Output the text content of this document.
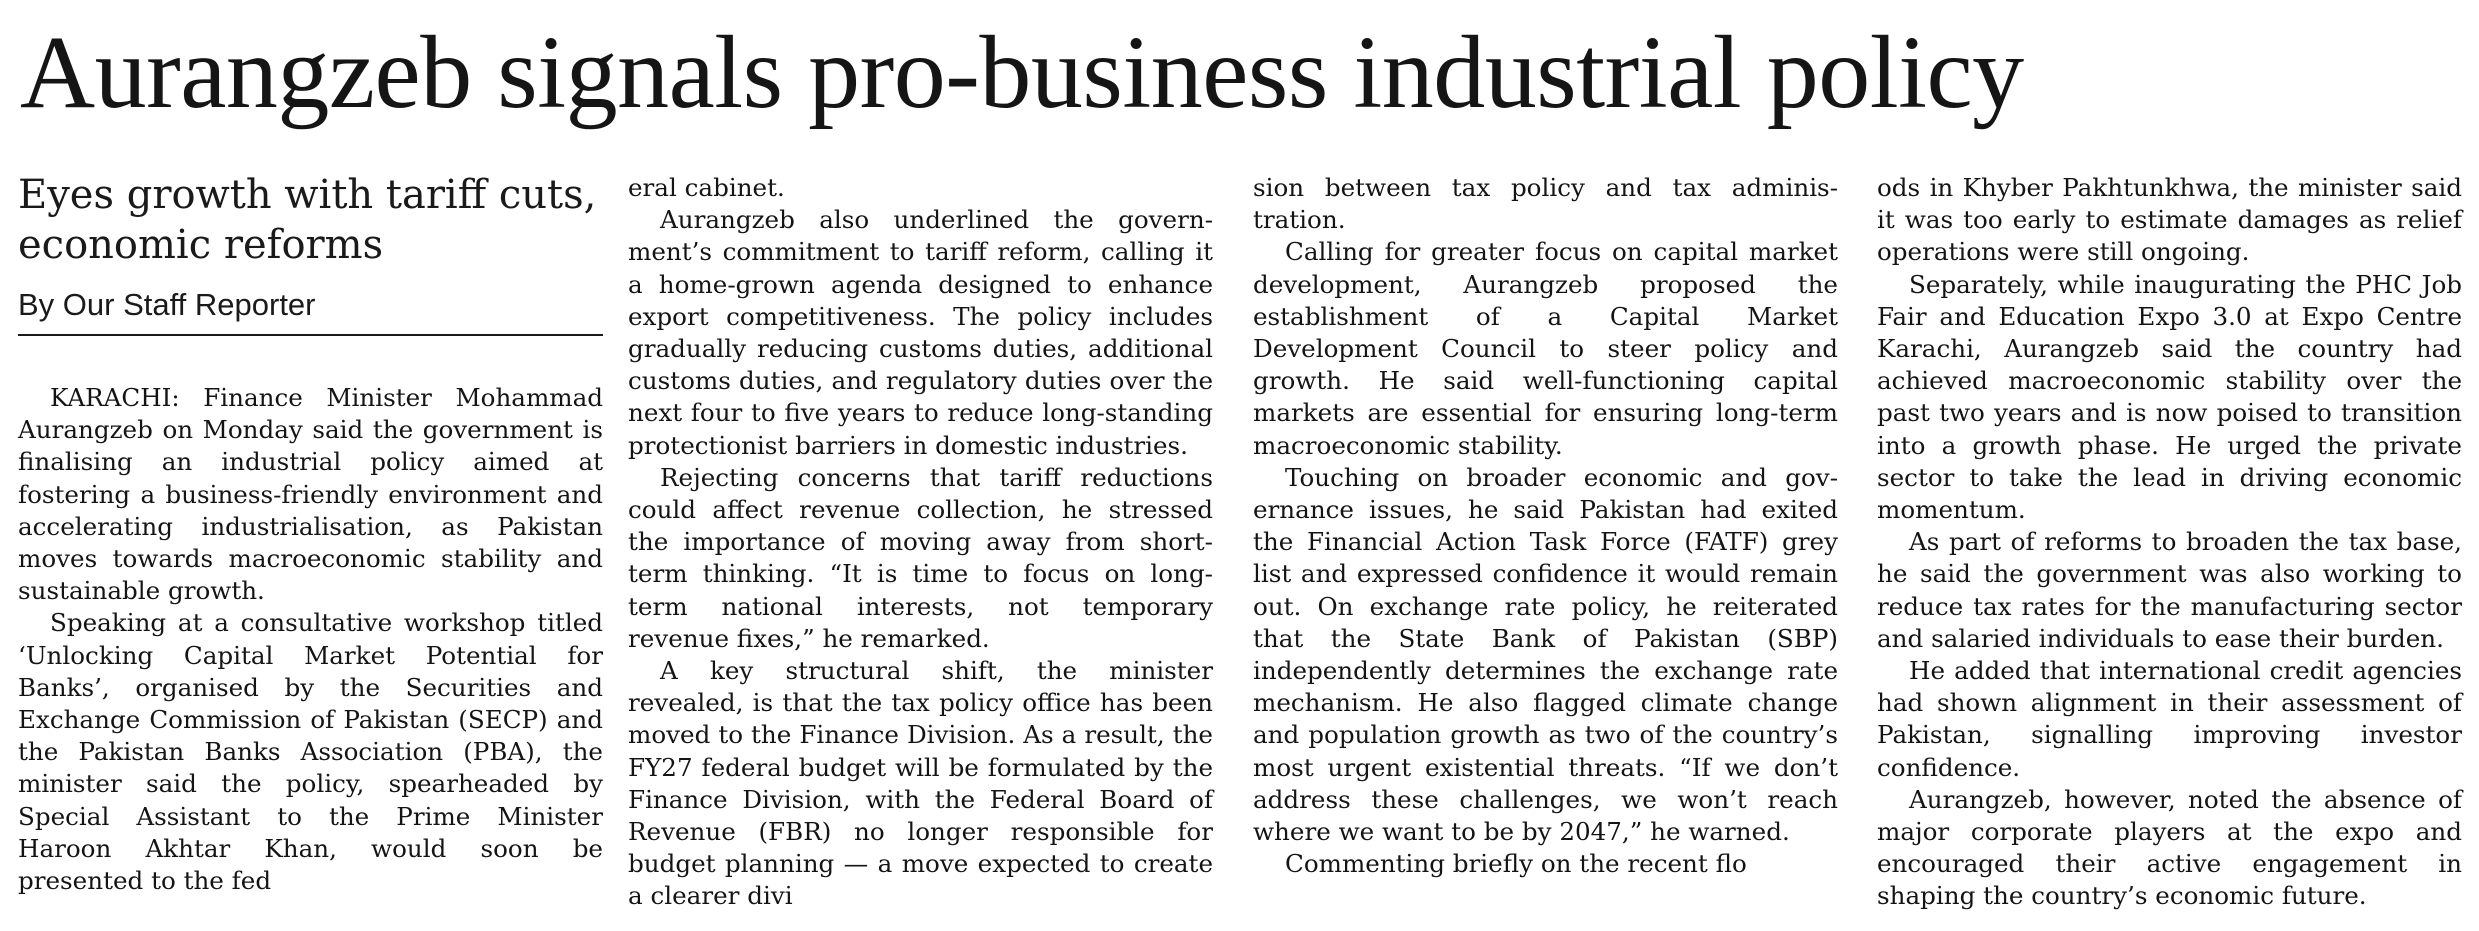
Aurangzeb signals pro-business industrial policy
Eyes growth with tariff cuts, economic reforms
By Our Staff Reporter

KARACHI: Finance Minister Mohammad Aurangzeb on Monday said the government is finalising an industrial policy aimed at fostering a business-friendly environment and accelerating industrialisation, as Pakistan moves towards macroeconomic stability and sustainable growth.

Speaking at a consultative workshop titled ‘Unlocking Capital Market Potential for Banks’, organised by the Securities and Exchange Commission of Pakistan (SECP) and the Pakistan Banks Association (PBA), the minister said the policy, spearheaded by Special Assistant to the Prime Minister Haroon Akhtar Khan, would soon be presented to the fed

eral cabinet.

Aurangzeb also underlined the government’s commitment to tariff reform, calling it a home-grown agenda designed to enhance export competitiveness. The policy includes gradually reducing customs duties, additional customs duties, and regulatory duties over the next four to five years to reduce long-standing protectionist barriers in domestic industries.

Rejecting concerns that tariff reductions could affect revenue collection, he stressed the importance of moving away from short-term thinking. “It is time to focus on long-term national interests, not temporary revenue fixes,” he remarked.

A key structural shift, the minister revealed, is that the tax policy office has been moved to the Finance Division. As a result, the FY27 federal budget will be formulated by the Finance Division, with the Federal Board of Revenue (FBR) no longer responsible for budget planning — a move expected to create a clearer divi

sion between tax policy and tax administration.

Calling for greater focus on capital market development, Aurangzeb proposed the establishment of a Capital Market Development Council to steer policy and growth. He said well-functioning capital markets are essential for ensuring long-term macroeconomic stability.

Touching on broader economic and governance issues, he said Pakistan had exited the Financial Action Task Force (FATF) grey list and expressed confidence it would remain out. On exchange rate policy, he reiterated that the State Bank of Pakistan (SBP) independently determines the exchange rate mechanism. He also flagged climate change and population growth as two of the country’s most urgent existential threats. “If we don’t address these challenges, we won’t reach where we want to be by 2047,” he warned.

Commenting briefly on the recent flo

ods in Khyber Pakhtunkhwa, the minister said it was too early to estimate damages as relief operations were still ongoing.

Separately, while inaugurating the PHC Job Fair and Education Expo 3.0 at Expo Centre Karachi, Aurangzeb said the country had achieved macroeconomic stability over the past two years and is now poised to transition into a growth phase. He urged the private sector to take the lead in driving economic momentum.

As part of reforms to broaden the tax base, he said the government was also working to reduce tax rates for the manufacturing sector and salaried individuals to ease their burden.

He added that international credit agencies had shown alignment in their assessment of Pakistan, signalling improving investor confidence.

Aurangzeb, however, noted the absence of major corporate players at the expo and encouraged their active engagement in shaping the country’s economic future.
